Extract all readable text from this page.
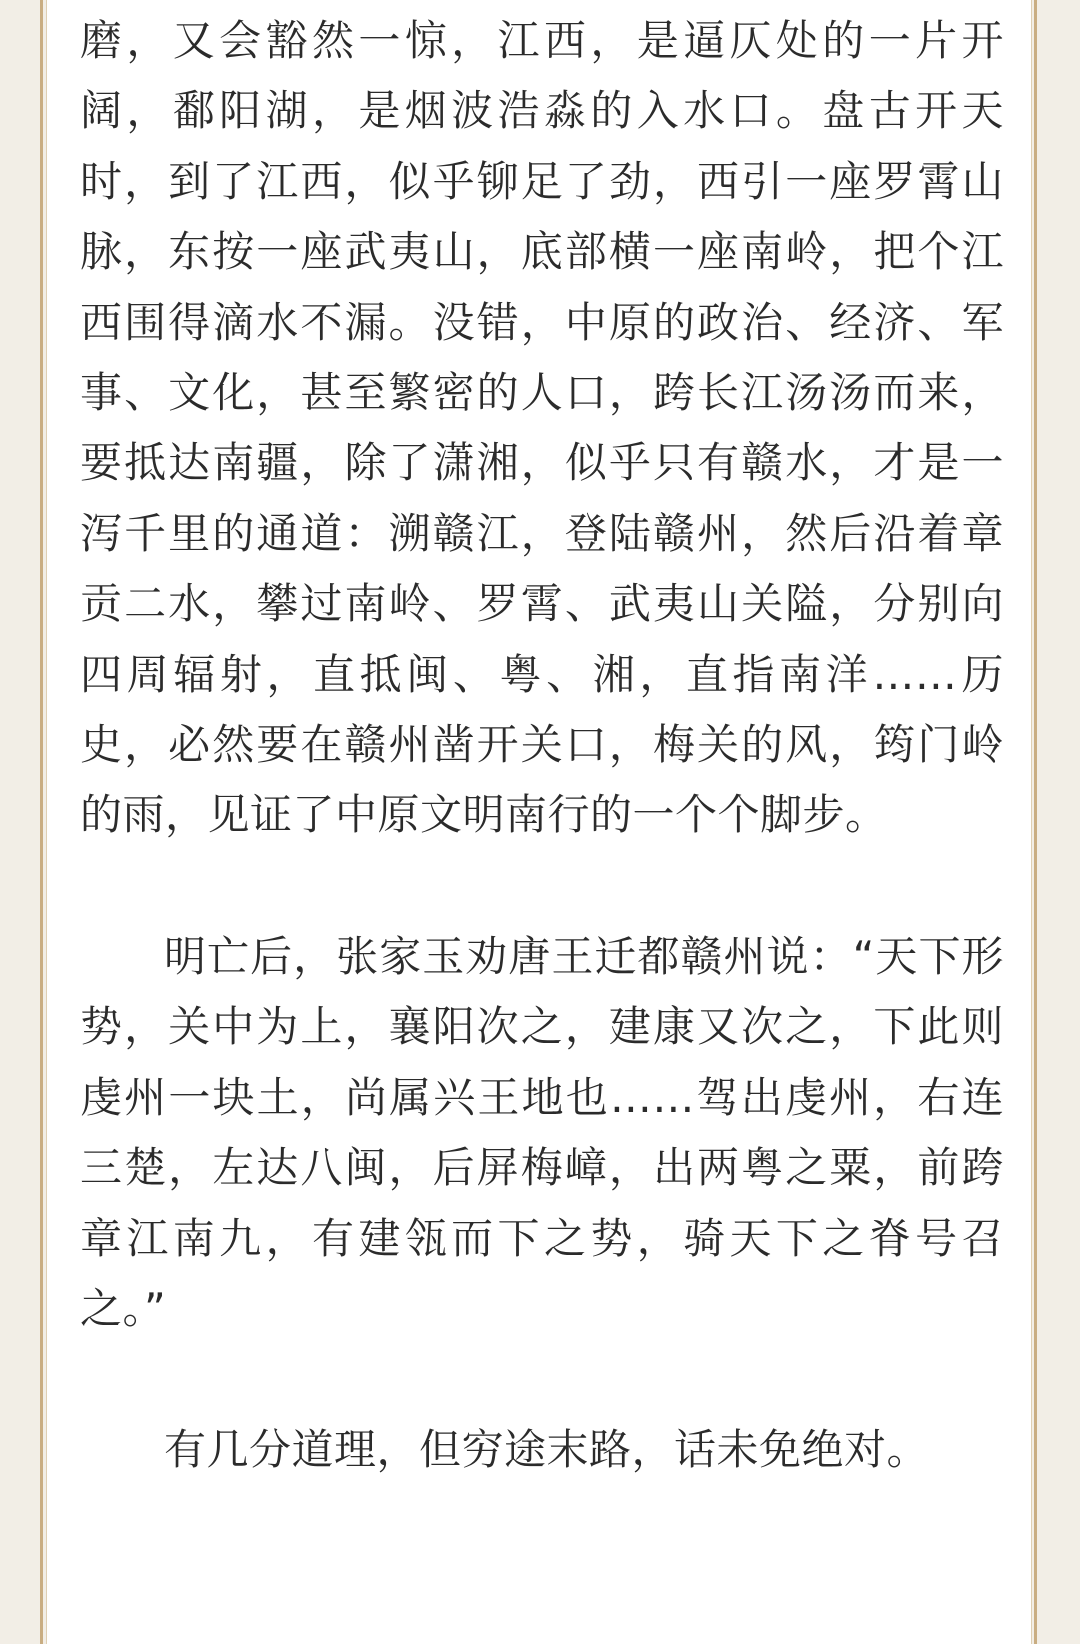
磨，又会豁然一惊，江西，是逼仄处的一片开阔，鄱阳湖，是烟波浩淼的入水口。盘古开天时，到了江西，似乎铆足了劲，西引一座罗霄山脉，东按一座武夷山，底部横一座南岭，把个江西围得滴水不漏。没错，中原的政治、经济、军事、文化，甚至繁密的人口，跨长江汤汤而来，要抵达南疆，除了潇湘，似乎只有赣水，才是一泻千里的通道：溯赣江，登陆赣州，然后沿着章贡二水，攀过南岭、罗霄、武夷山关隘，分别向四周辐射，直抵闽、粤、湘，直指南洋……历史，必然要在赣州凿开关口，梅关的风，筠门岭的雨，见证了中原文明南行的一个个脚步。

明亡后，张家玉劝唐王迁都赣州说：“天下形势，关中为上，襄阳次之，建康又次之，下此则虔州一块土，尚属兴王地也……驾出虔州，右连三楚，左达八闽，后屏梅嶂，出两粤之粟，前跨章江南九，有建瓴而下之势，骑天下之脊号召之。”

有几分道理，但穷途末路，话未免绝对。
